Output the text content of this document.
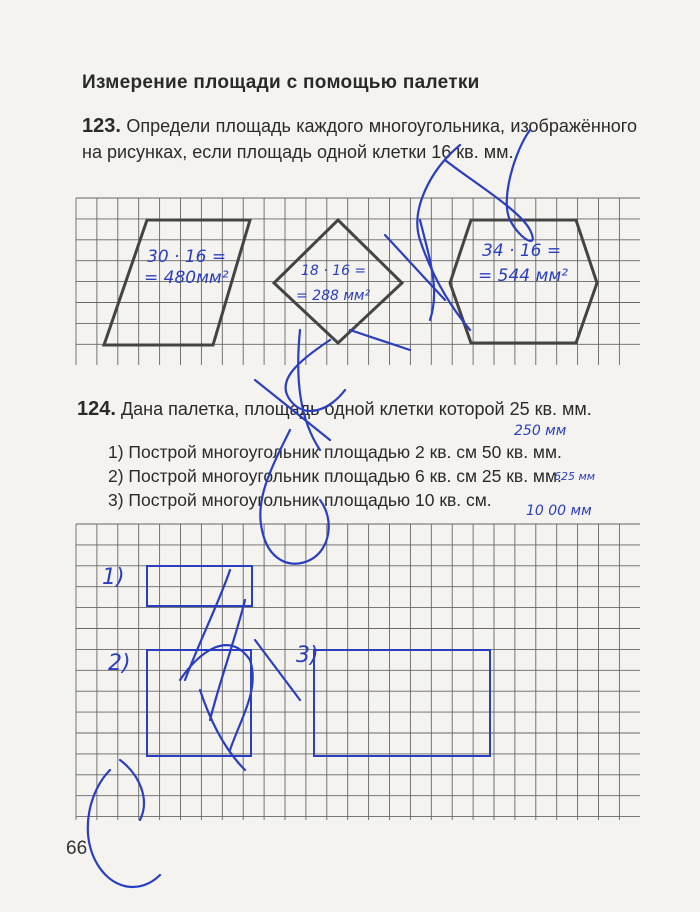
Измерение площади с помощью палетки
123. Определи площадь каждого многоугольника, изображённого на рисунках, если площадь одной клетки 16 кв. мм.
124. Дана палетка, площадь одной клетки которой 25 кв. мм.
1) Построй многоугольник площадью 2 кв. см 50 кв. мм.
2) Построй многоугольник площадью 6 кв. см 25 кв. мм.
3) Построй многоугольник площадью 10 кв. см.
66
30 · 16 =
= 480мм²	18 · 16 =
= 288 мм²
34 · 16 =
= 544 мм²
250 мм
625 мм
10 00 мм
1)
2)	3)
